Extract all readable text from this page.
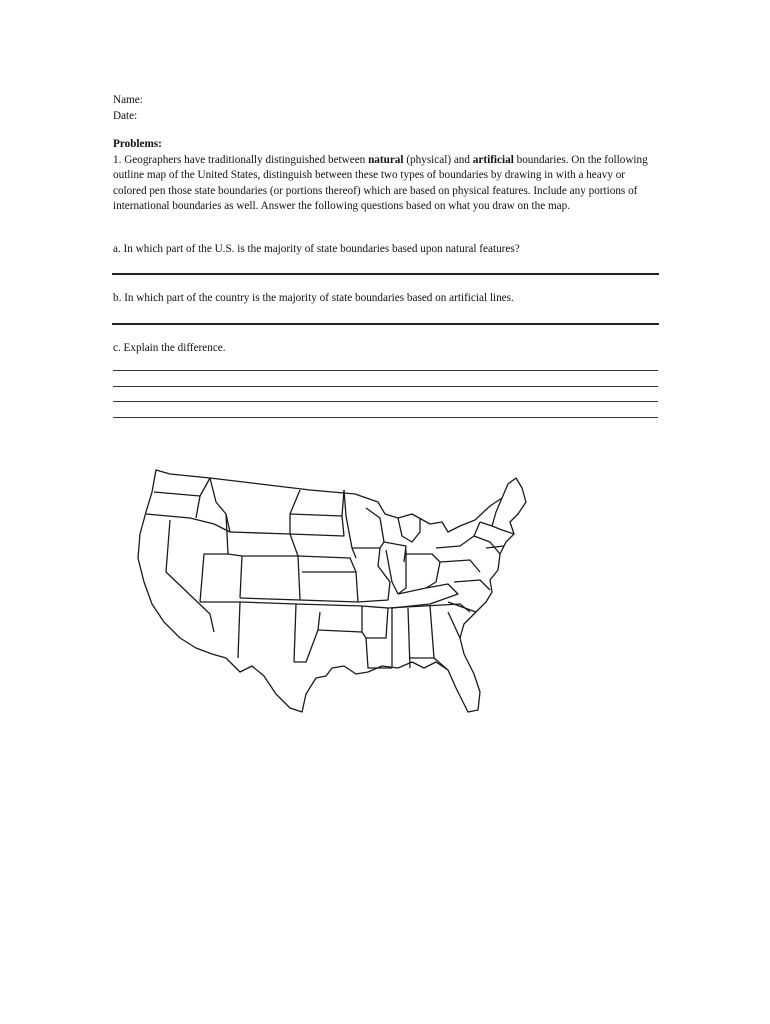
Name:
Date:
Problems:
1. Geographers have traditionally distinguished between natural (physical) and artificial boundaries. On the following outline map of the United States, distinguish between these two types of boundaries by drawing in with a heavy or colored pen those state boundaries (or portions thereof) which are based on physical features. Include any portions of international boundaries as well. Answer the following questions based on what you draw on the map.
a. In which part of the U.S. is the majority of state boundaries based upon natural features?
b. In which part of the country is the majority of state boundaries based on artificial lines.
c. Explain the difference.
